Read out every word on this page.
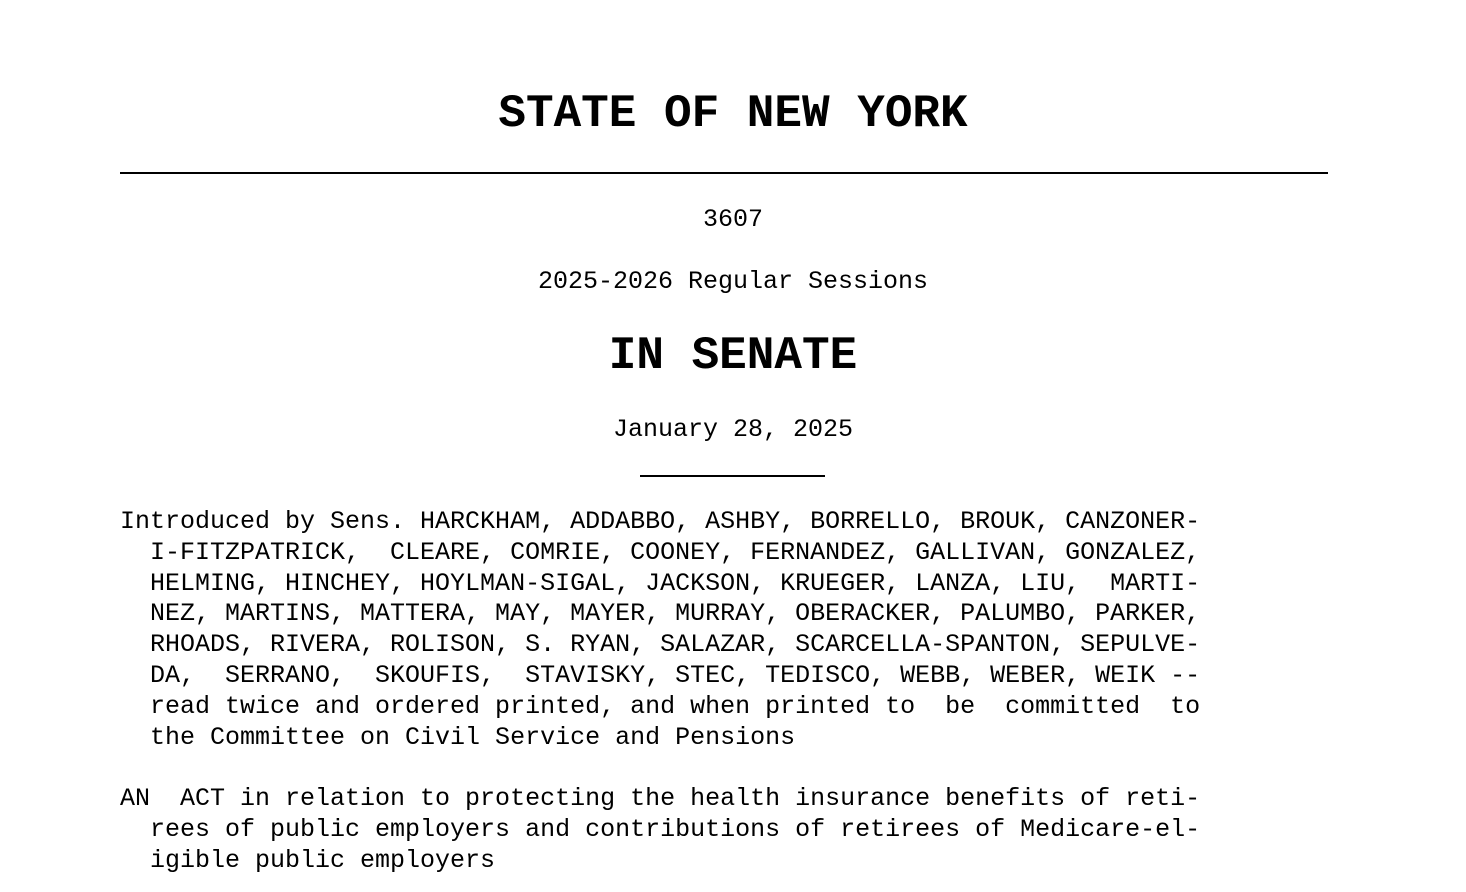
STATE OF NEW YORK
3607
2025-2026 Regular Sessions
IN SENATE
January 28, 2025
Introduced by Sens. HARCKHAM, ADDABBO, ASHBY, BORRELLO, BROUK, CANZONER-
I-FITZPATRICK,  CLEARE, COMRIE, COONEY, FERNANDEZ, GALLIVAN, GONZALEZ,
HELMING, HINCHEY, HOYLMAN-SIGAL, JACKSON, KRUEGER, LANZA, LIU,  MARTI-
NEZ, MARTINS, MATTERA, MAY, MAYER, MURRAY, OBERACKER, PALUMBO, PARKER,
RHOADS, RIVERA, ROLISON, S. RYAN, SALAZAR, SCARCELLA-SPANTON, SEPULVE-
DA,  SERRANO,  SKOUFIS,  STAVISKY, STEC, TEDISCO, WEBB, WEBER, WEIK --
read twice and ordered printed, and when printed to  be  committed  to
the Committee on Civil Service and Pensions
AN  ACT in relation to protecting the health insurance benefits of reti-
rees of public employers and contributions of retirees of Medicare-el-
igible public employers
